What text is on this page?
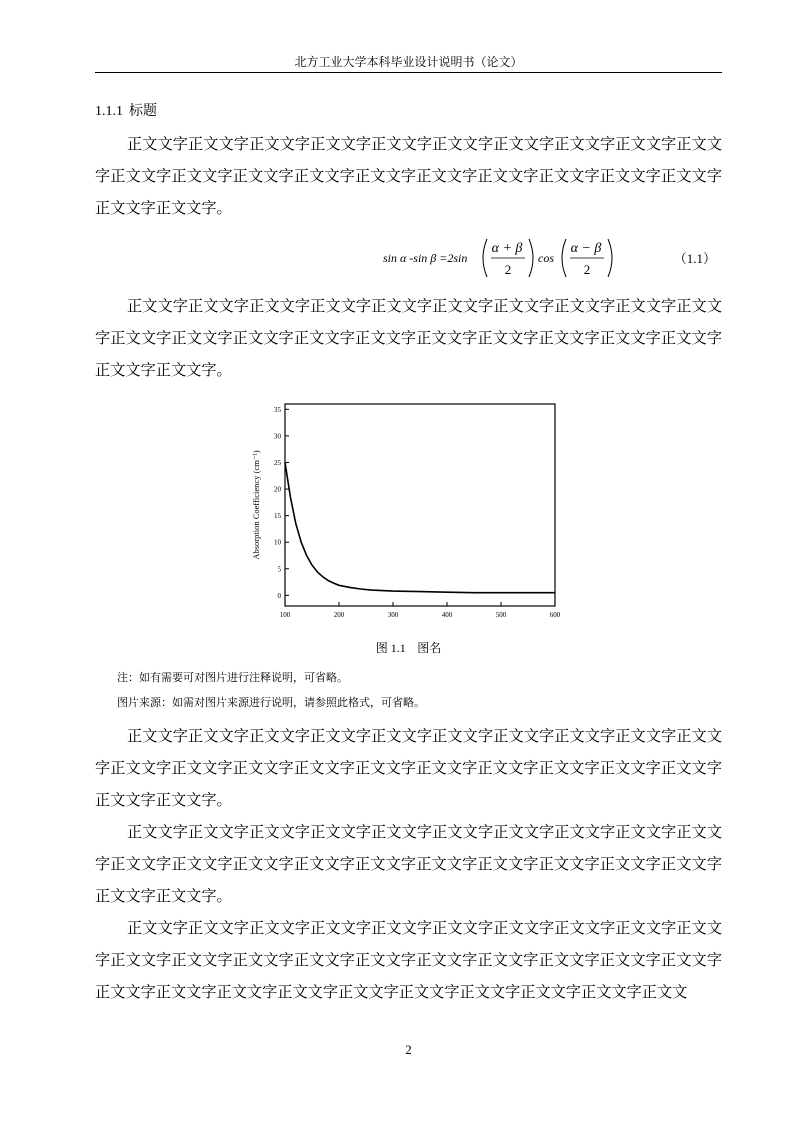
北方工业大学本科毕业设计说明书（论文）
1.1.1 标题

正文文字正文文字正文文字正文文字正文文字正文文字正文文字正文文字正文文字正文文字正文文字正文文字正文文字正文文字正文文字正文文字正文文字正文文字正文文字正文文字正文文字正文文字。

sin α -sin β =2sin
α + β
2
cos
α − β
2
（1.1）

正文文字正文文字正文文字正文文字正文文字正文文字正文文字正文文字正文文字正文文字正文文字正文文字正文文字正文文字正文文字正文文字正文文字正文文字正文文字正文文字正文文字正文文字。

100	200	300	400	500	600
0
5
10
15
20
25
30
35
Absorption Coefficiency (cm⁻¹)
图 1.1 图名
注：如有需要可对图片进行注释说明，可省略。
图片来源：如需对图片来源进行说明，请参照此格式，可省略。

正文文字正文文字正文文字正文文字正文文字正文文字正文文字正文文字正文文字正文文字正文文字正文文字正文文字正文文字正文文字正文文字正文文字正文文字正文文字正文文字正文文字正文文字。

正文文字正文文字正文文字正文文字正文文字正文文字正文文字正文文字正文文字正文文字正文文字正文文字正文文字正文文字正文文字正文文字正文文字正文文字正文文字正文文字正文文字正文文字。

正文文字正文文字正文文字正文文字正文文字正文文字正文文字正文文字正文文字正文文字正文文字正文文字正文文字正文文字正文文字正文文字正文文字正文文字正文文字正文文字正文文字正文文字正文文字正文文字正文文字正文文字正文文字正文文字正文文字正文文

2
